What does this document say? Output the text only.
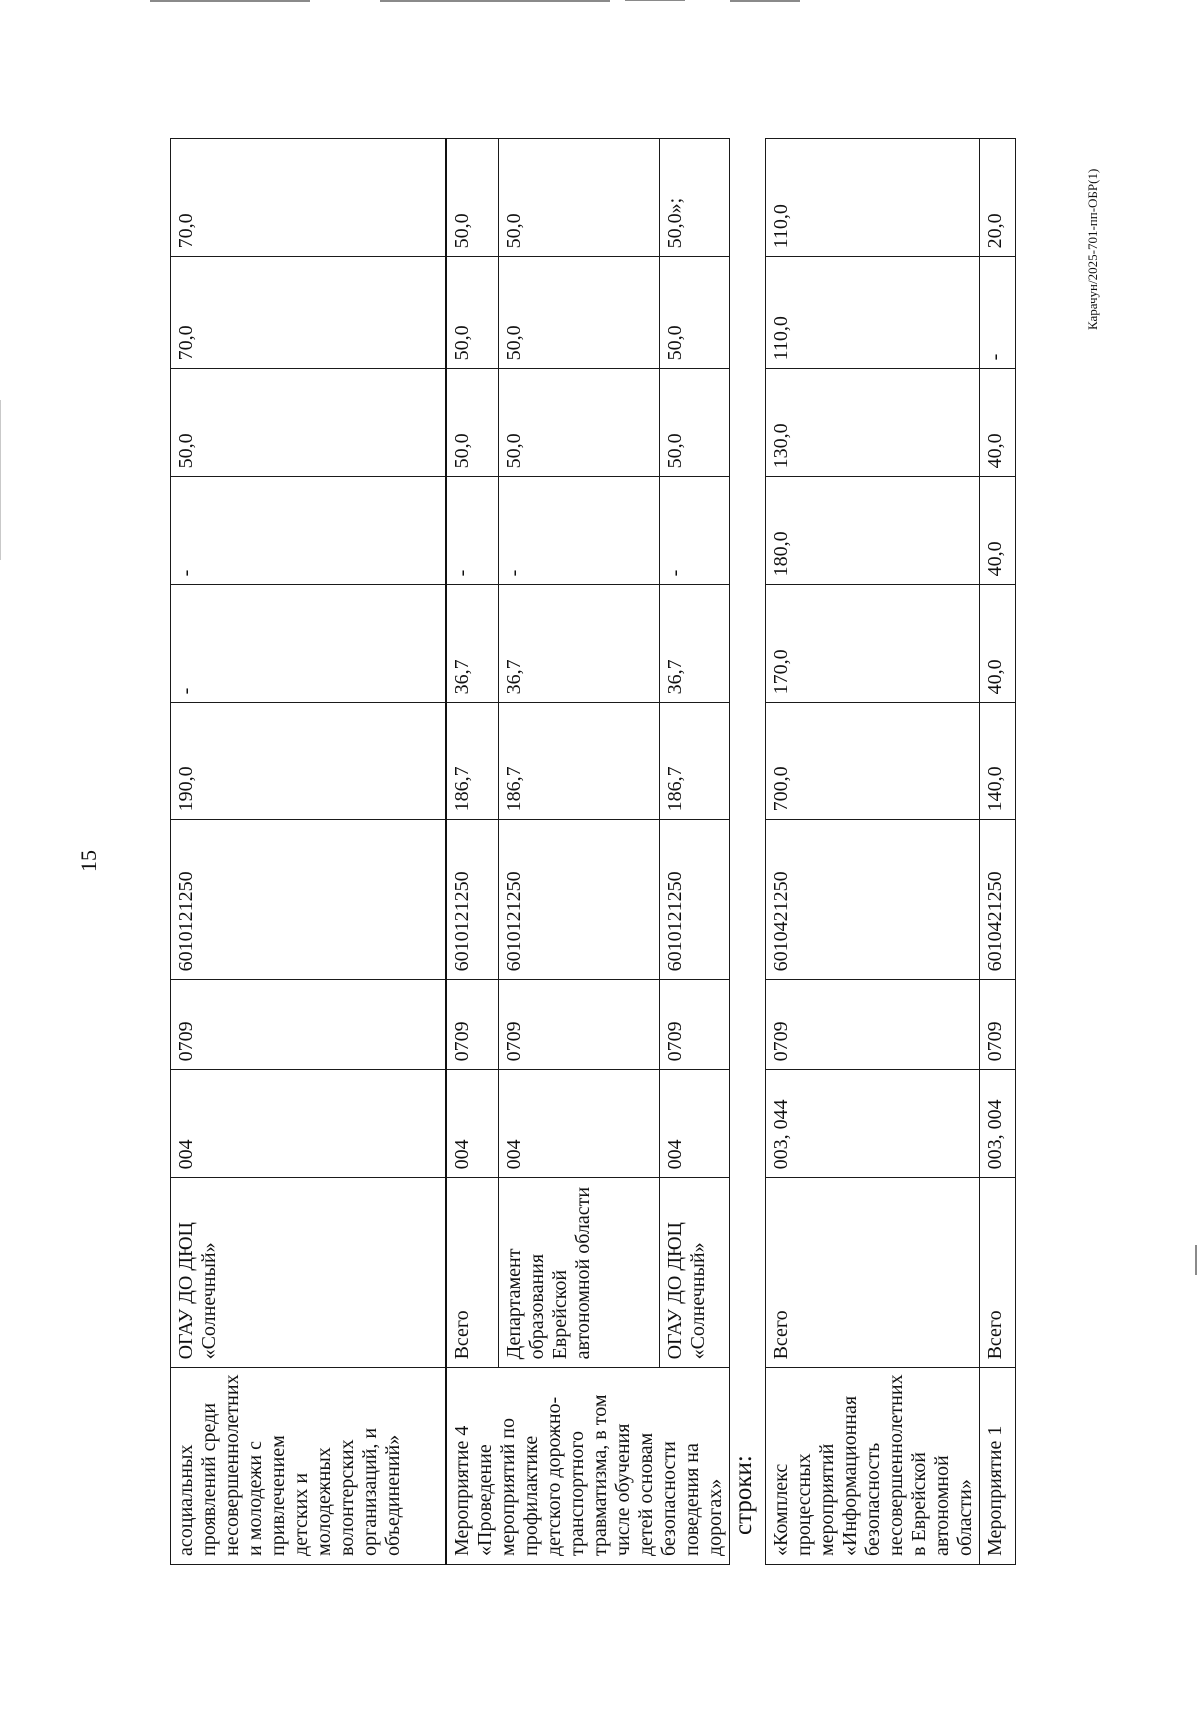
15
асоциальных проявлений среди несовершеннолетних и молодежи с привлечением детских и молодежных волонтерских организаций, и объединений»	ОГАУ ДО ДЮЦ «Солнечный»	004	0709	6010121250	190,0	-	-	50,0	70,0	70,0
Мероприятие 4 «Проведение мероприятий по профилактике детского дорожно-транспортного травматизма, в том числе обучения детей основам безопасности поведения на дорогах»	Всего	004	0709	6010121250	186,7	36,7	-	50,0	50,0	50,0
	Департамент образования Еврейской автономной области	004	0709	6010121250	186,7	36,7	-	50,0	50,0	50,0
	ОГАУ ДО ДЮЦ «Солнечный»	004	0709	6010121250	186,7	36,7	-	50,0	50,0	50,0»;
строки: «Комплекс процессных мероприятий «Информационная безопасность несовершеннолетних в Еврейской автономной области»	Всего	003, 044	0709	6010421250	700,0	170,0	180,0	130,0	110,0	110,0
Мероприятие 1	Всего	003, 004	0709	6010421250	140,0	40,0	40,0	40,0	-	20,0	Карачун/2025-701-пп-ОБР(1)
